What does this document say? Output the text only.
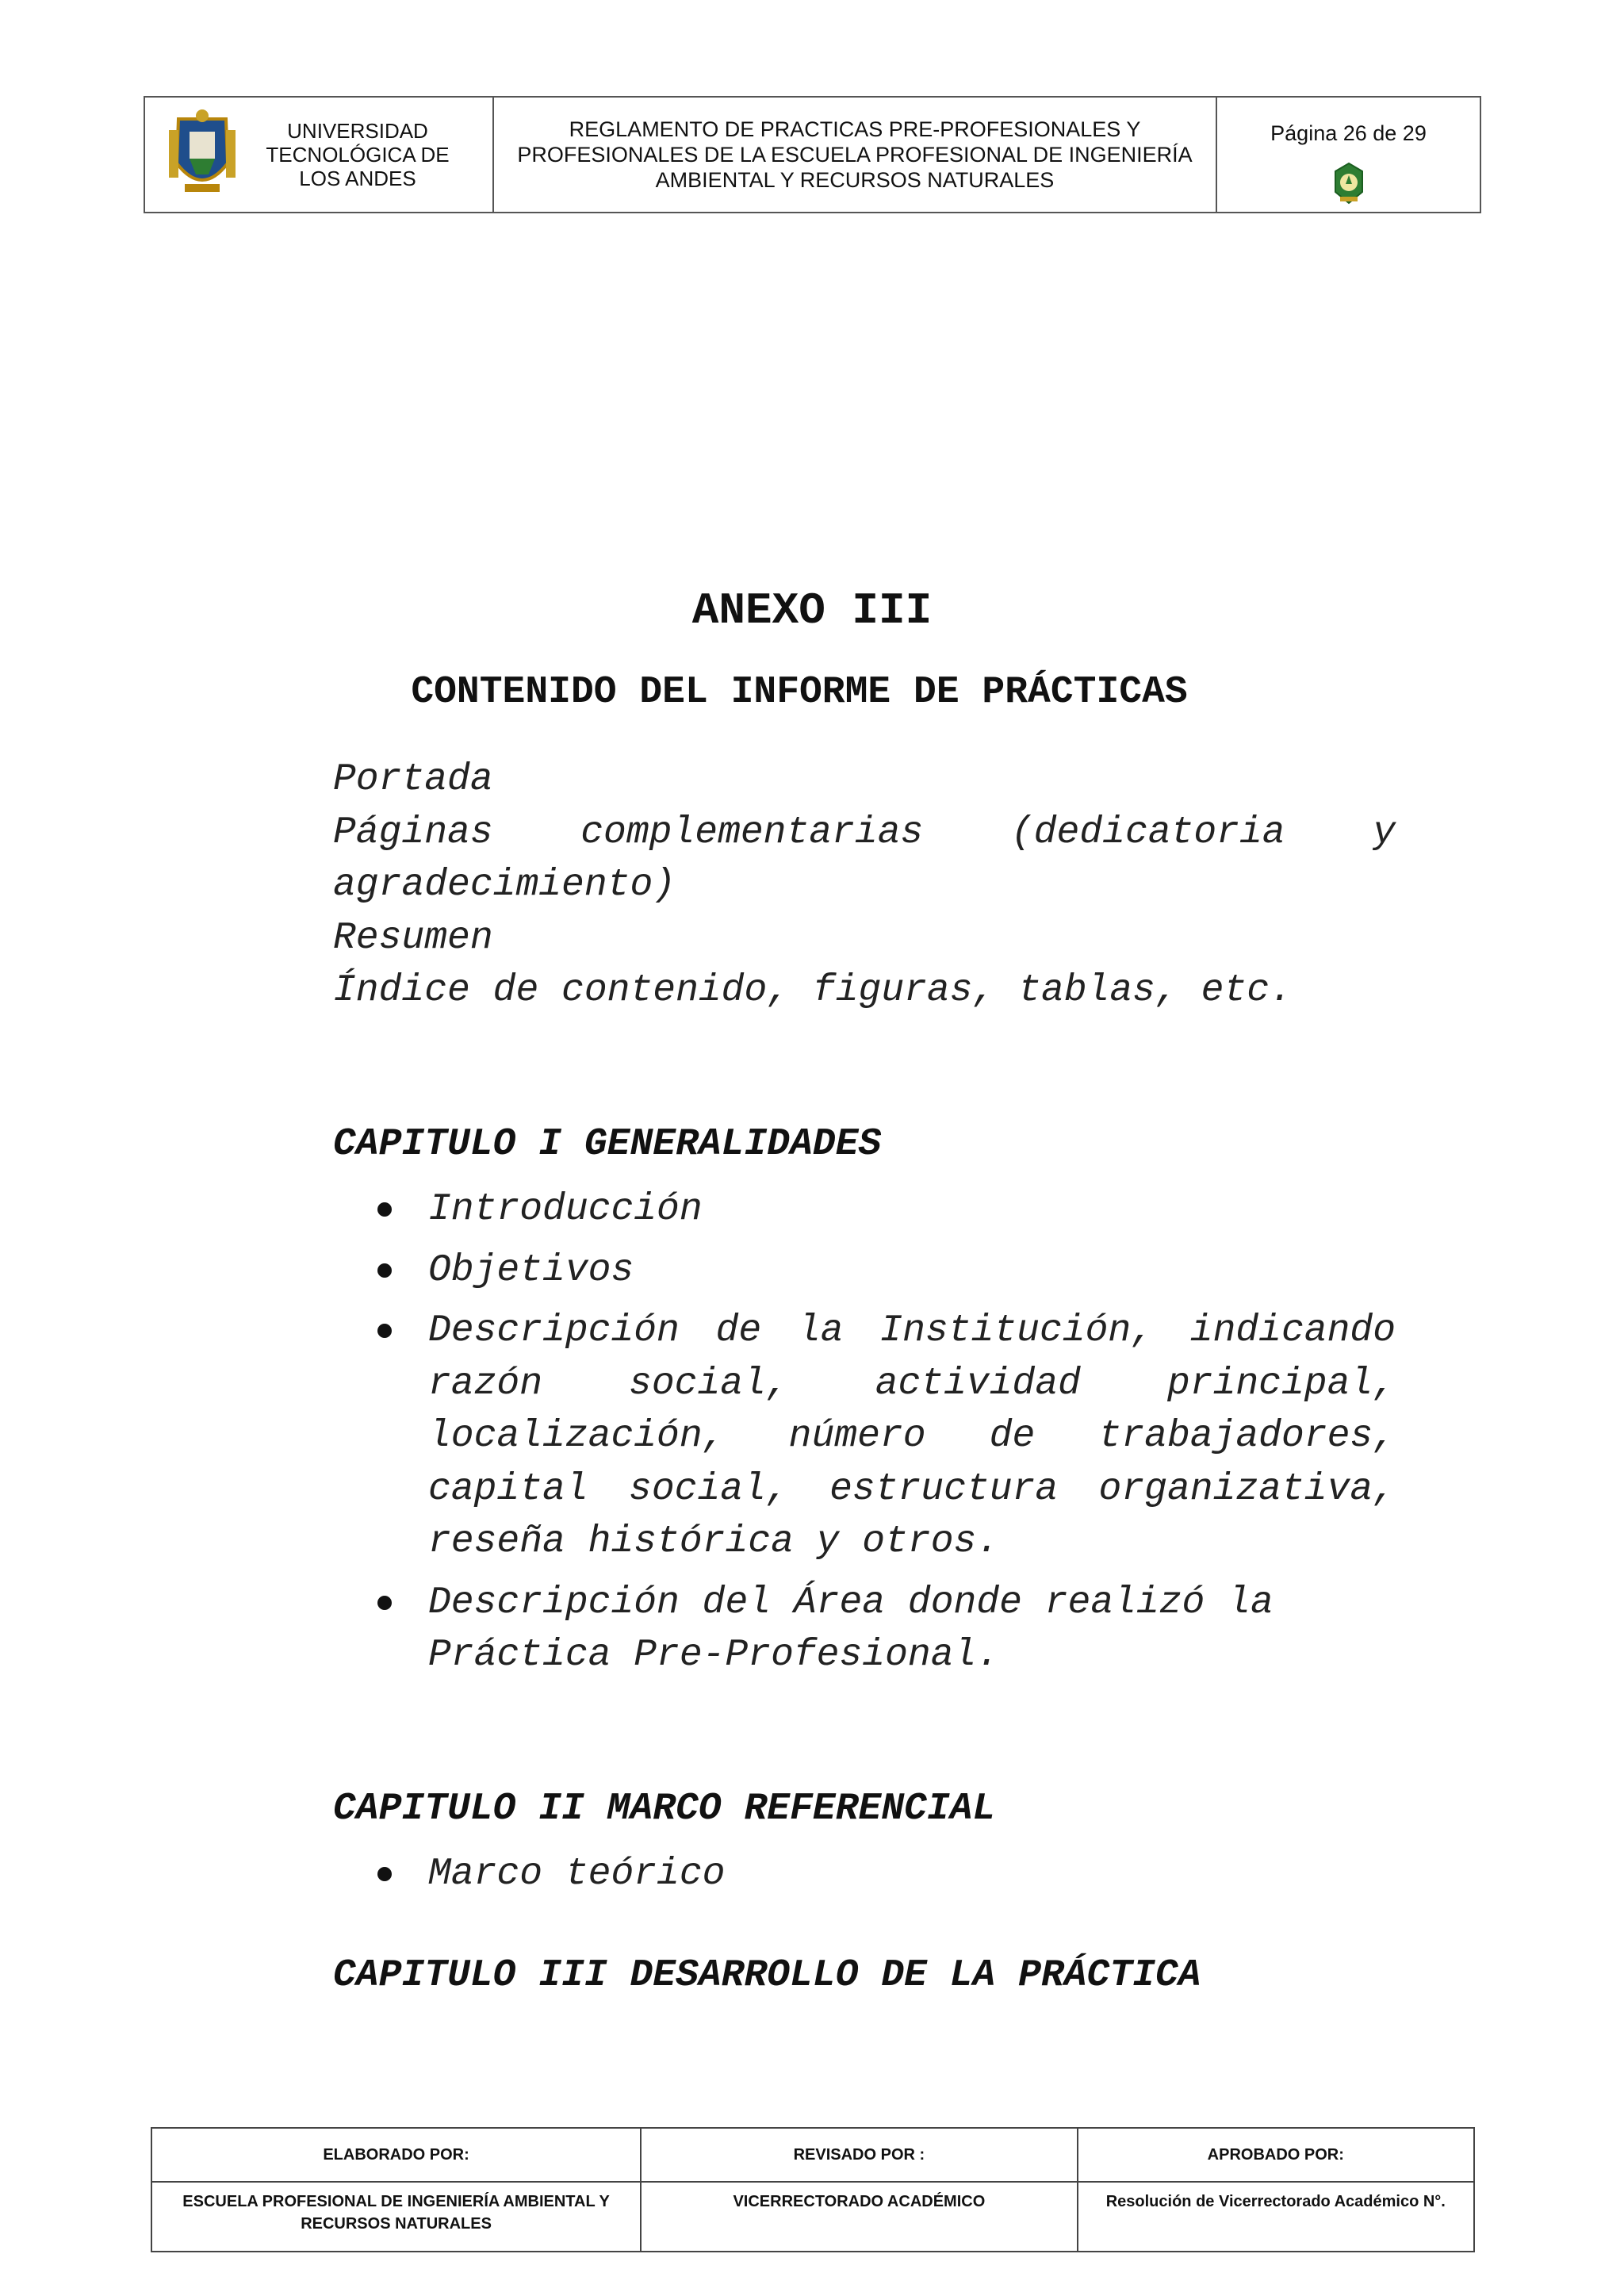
UNIVERSIDAD
TECNOLÓGICA DE
LOS ANDES
REGLAMENTO DE PRACTICAS PRE-PROFESIONALES Y
PROFESIONALES DE LA ESCUELA PROFESIONAL DE INGENIERÍA
AMBIENTAL Y RECURSOS NATURALES
Página 26 de 29
ANEXO III
CONTENIDO DEL INFORME DE PRÁCTICAS
Portada
Páginas complementarias (dedicatoria y agradecimiento)
Resumen
Índice de contenido, figuras, tablas, etc.
CAPITULO I GENERALIDADES
Introducción
Objetivos
Descripción de la Institución, indicando razón social, actividad principal, localización, número de trabajadores, capital social, estructura organizativa, reseña histórica y otros.
Descripción del Área donde realizó la Práctica Pre-Profesional.
CAPITULO II MARCO REFERENCIAL
Marco teórico
CAPITULO III DESARROLLO DE LA PRÁCTICA
ELABORADO POR:	REVISADO POR :	APROBADO POR:
ESCUELA PROFESIONAL DE INGENIERÍA AMBIENTAL Y RECURSOS NATURALES	VICERRECTORADO ACADÉMICO	Resolución de Vicerrectorado Académico N°.
